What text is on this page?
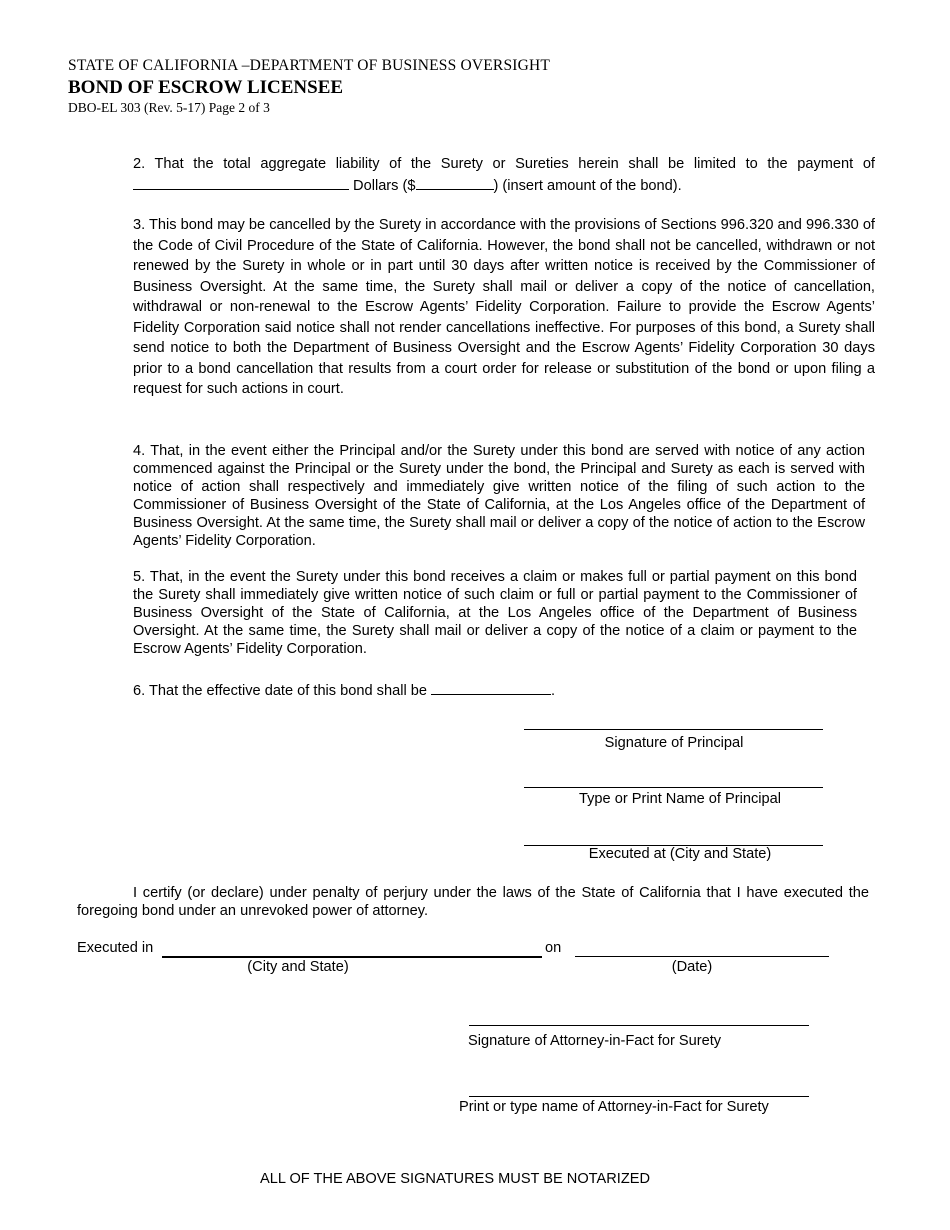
STATE OF CALIFORNIA –DEPARTMENT OF BUSINESS OVERSIGHT
BOND OF ESCROW LICENSEE
DBO-EL 303 (Rev. 5-17) Page 2 of 3
2. That the total aggregate liability of the Surety or Sureties herein shall be limited to the payment of
Dollars ($	) (insert amount of the bond).
3. This bond may be cancelled by the Surety in accordance with the provisions of Sections 996.320 and 996.330 of the Code of Civil Procedure of the State of California. However, the bond shall not be cancelled, withdrawn or not renewed by the Surety in whole or in part until 30 days after written notice is received by the Commissioner of Business Oversight. At the same time, the Surety shall mail or deliver a copy of the notice of cancellation, withdrawal or non-renewal to the Escrow Agents’ Fidelity Corporation. Failure to provide the Escrow Agents’ Fidelity Corporation said notice shall not render cancellations ineffective. For purposes of this bond, a Surety shall send notice to both the Department of Business Oversight and the Escrow Agents’ Fidelity Corporation 30 days prior to a bond cancellation that results from a court order for release or substitution of the bond or upon filing a request for such actions in court.
4. That, in the event either the Principal and/or the Surety under this bond are served with notice of any action commenced against the Principal or the Surety under the bond, the Principal and Surety as each is served with notice of action shall respectively and immediately give written notice of the filing of such action to the Commissioner of Business Oversight of the State of California, at the Los Angeles office of the Department of Business Oversight. At the same time, the Surety shall mail or deliver a copy of the notice of action to the Escrow Agents’ Fidelity Corporation.
5. That, in the event the Surety under this bond receives a claim or makes full or partial payment on this bond the Surety shall immediately give written notice of such claim or full or partial payment to the Commissioner of Business Oversight of the State of California, at the Los Angeles office of the Department of Business Oversight. At the same time, the Surety shall mail or deliver a copy of the notice of a claim or payment to the Escrow Agents’ Fidelity Corporation.
6. That the effective date of this bond shall be	.
Signature of Principal
Type or Print Name of Principal
Executed at (City and State)
I certify (or declare) under penalty of perjury under the laws of the State of California that I have executed the foregoing bond under an unrevoked power of attorney.
Executed in	on
(City and State)	(Date)
Signature of Attorney-in-Fact for Surety
Print or type name of Attorney-in-Fact for Surety
ALL OF THE ABOVE SIGNATURES MUST BE NOTARIZED
